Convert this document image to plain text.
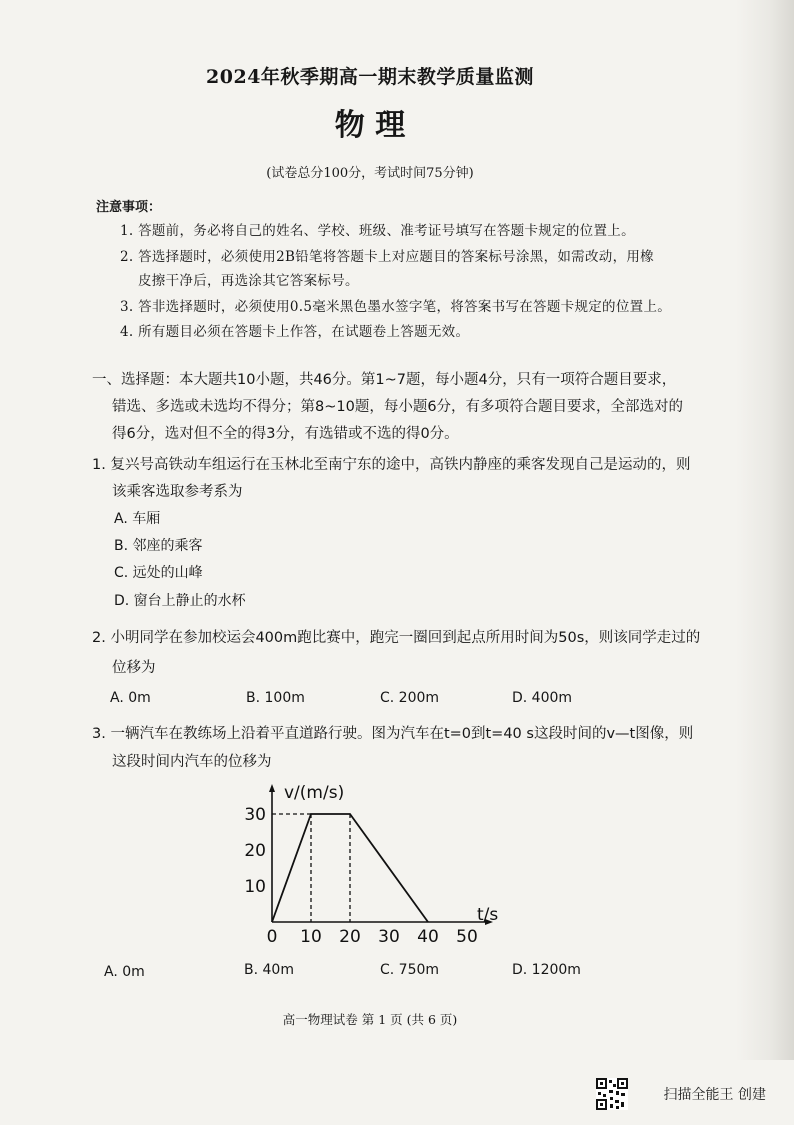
2024年秋季期高一期末教学质量监测
物 理
(试卷总分100分，考试时间75分钟)
注意事项：
1. 答题前，务必将自己的姓名、学校、班级、准考证号填写在答题卡规定的位置上。
2. 答选择题时，必须使用2B铅笔将答题卡上对应题目的答案标号涂黑，如需改动，用橡
皮擦干净后，再选涂其它答案标号。
3. 答非选择题时，必须使用0.5毫米黑色墨水签字笔，将答案书写在答题卡规定的位置上。
4. 所有题目必须在答题卡上作答，在试题卷上答题无效。
一、选择题：本大题共10小题，共46分。第1~7题，每小题4分，只有一项符合题目要求，
错选、多选或未选均不得分；第8~10题，每小题6分，有多项符合题目要求，全部选对的
得6分，选对但不全的得3分，有选错或不选的得0分。
1. 复兴号高铁动车组运行在玉林北至南宁东的途中，高铁内静座的乘客发现自己是运动的，则
该乘客选取参考系为
A. 车厢
B. 邻座的乘客
C. 远处的山峰
D. 窗台上静止的水杯
2. 小明同学在参加校运会400m跑比赛中，跑完一圈回到起点所用时间为50s，则该同学走过的
位移为
A. 0m	B. 100m	C. 200m	D. 400m
3. 一辆汽车在教练场上沿着平直道路行驶。图为汽车在t=0到t=40 s这段时间的v—t图像，则
这段时间内汽车的位移为
v/(m/s)
t/s
0 10 20 30 40 50
10
20
30
A. 0m	B. 40m	C. 750m	D. 1200m
高一物理试卷 第 1 页 (共 6 页)
扫描全能王 创建
